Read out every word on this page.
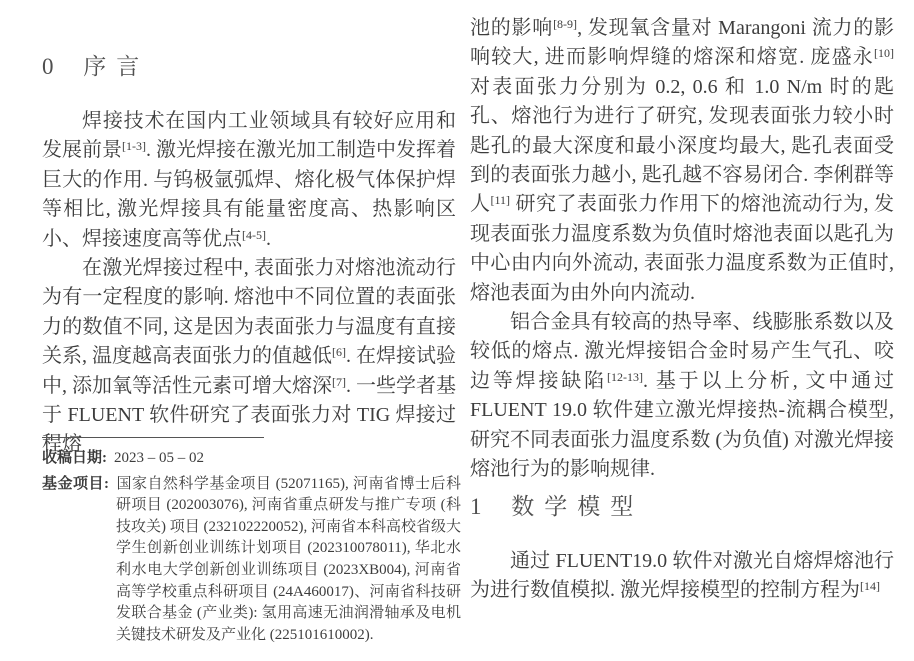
0 序言

焊接技术在国内工业领域具有较好应用和发展前景[1-3]. 激光焊接在激光加工制造中发挥着巨大的作用. 与钨极氩弧焊、熔化极气体保护焊等相比, 激光焊接具有能量密度高、热影响区小、焊接速度高等优点[4-5].

在激光焊接过程中, 表面张力对熔池流动行为有一定程度的影响. 熔池中不同位置的表面张力的数值不同, 这是因为表面张力与温度有直接关系, 温度越高表面张力的值越低[6]. 在焊接试验中, 添加氧等活性元素可增大熔深[7]. 一些学者基于 FLUENT 软件研究了表面张力对 TIG 焊接过程熔

收稿日期: 2023 – 05 – 02

基金项目: 国家自然科学基金项目 (52071165), 河南省博士后科研项目 (202003076), 河南省重点研发与推广专项 (科技攻关) 项目 (232102220052), 河南省本科高校省级大学生创新创业训练计划项目 (202310078011), 华北水利水电大学创新创业训练项目 (2023XB004), 河南省高等学校重点科研项目 (24A460017)、河南省科技研发联合基金 (产业类): 氢用高速无油润滑轴承及电机关键技术研发及产业化 (225101610002).

池的影响[8-9], 发现氧含量对 Marangoni 流力的影响较大, 进而影响焊缝的熔深和熔宽. 庞盛永[10] 对表面张力分别为 0.2, 0.6 和 1.0 N/m 时的匙孔、熔池行为进行了研究, 发现表面张力较小时匙孔的最大深度和最小深度均最大, 匙孔表面受到的表面张力越小, 匙孔越不容易闭合. 李俐群等人[11] 研究了表面张力作用下的熔池流动行为, 发现表面张力温度系数为负值时熔池表面以匙孔为中心由内向外流动, 表面张力温度系数为正值时, 熔池表面为由外向内流动.

铝合金具有较高的热导率、线膨胀系数以及较低的熔点. 激光焊接铝合金时易产生气孔、咬边等焊接缺陷[12-13]. 基于以上分析, 文中通过 FLUENT 19.0 软件建立激光焊接热-流耦合模型, 研究不同表面张力温度系数 (为负值) 对激光焊接熔池行为的影响规律.

1 数学模型

通过 FLUENT19.0 软件对激光自熔焊熔池行为进行数值模拟. 激光焊接模型的控制方程为[14]
